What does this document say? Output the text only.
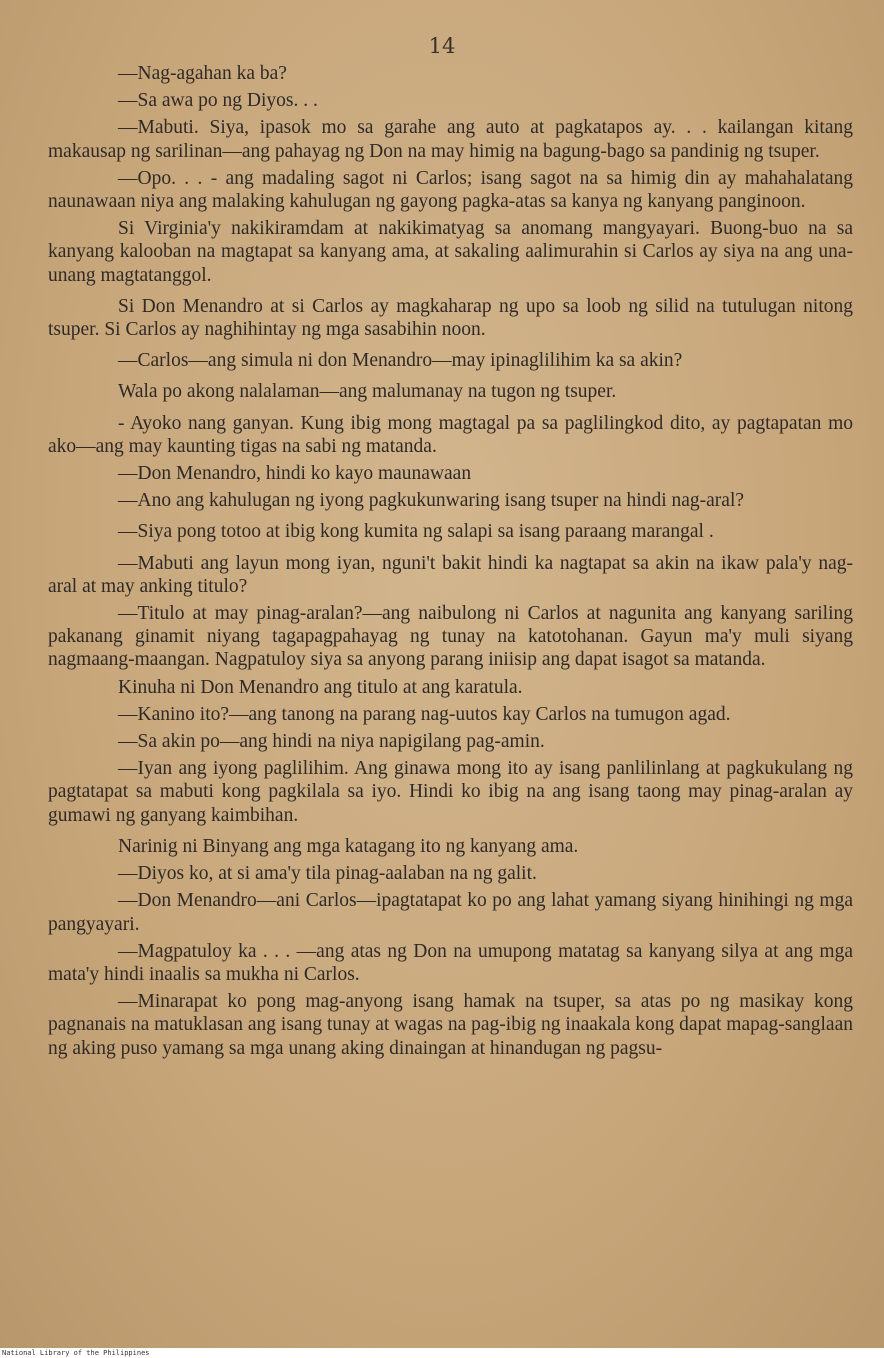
14

—Nag-agahan ka ba?

—Sa awa po ng Diyos. . .

—Mabuti. Siya, ipasok mo sa garahe ang auto at pagkatapos ay. . . kailangan kitang makausap ng sarilinan—ang pahayag ng Don na may himig na bagung-bago sa pandinig ng tsuper.

—Opo. . . - ang madaling sagot ni Carlos; isang sagot na sa himig din ay mahahalatang naunawaan niya ang malaking kahulugan ng gayong pagka-atas sa kanya ng kanyang panginoon.

Si Virginia'y nakikiramdam at nakikimatyag sa anomang mangyayari. Buong-buo na sa kanyang kalooban na magtapat sa kanyang ama, at sakaling aalimurahin si Carlos ay siya na ang una-unang magtatanggol.

Si Don Menandro at si Carlos ay magkaharap ng upo sa loob ng silid na tutulugan nitong tsuper. Si Carlos ay naghihintay ng mga sasabihin noon.

—Carlos—ang simula ni don Menandro—may ipinaglilihim ka sa akin?

Wala po akong nalalaman—ang malumanay na tugon ng tsuper.

- Ayoko nang ganyan. Kung ibig mong magtagal pa sa paglilingkod dito, ay pagtapatan mo ako—ang may kaunting tigas na sabi ng matanda.

—Don Menandro, hindi ko kayo maunawaan

—Ano ang kahulugan ng iyong pagkukunwaring isang tsuper na hindi nag-aral?

—Siya pong totoo at ibig kong kumita ng salapi sa isang paraang marangal .

—Mabuti ang layun mong iyan, nguni't bakit hindi ka nagtapat sa akin na ikaw pala'y nag-aral at may anking titulo?

—Titulo at may pinag-aralan?—ang naibulong ni Carlos at nagunita ang kanyang sariling pakanang ginamit niyang tagapagpahayag ng tunay na katotohanan. Gayun ma'y muli siyang nagmaang-maangan. Nagpatuloy siya sa anyong parang iniisip ang dapat isagot sa matanda.

Kinuha ni Don Menandro ang titulo at ang karatula.

—Kanino ito?—ang tanong na parang nag-uutos kay Carlos na tumugon agad.

—Sa akin po—ang hindi na niya napigilang pag-amin.

—Iyan ang iyong paglilihim. Ang ginawa mong ito ay isang panlilinlang at pagkukulang ng pagtatapat sa mabuti kong pagkilala sa iyo. Hindi ko ibig na ang isang taong may pinag-aralan ay gumawi ng ganyang kaimbihan.

Narinig ni Binyang ang mga katagang ito ng kanyang ama.

—Diyos ko, at si ama'y tila pinag-aalaban na ng galit.

—Don Menandro—ani Carlos—ipagtatapat ko po ang lahat yamang siyang hinihingi ng mga pangyayari.

—Magpatuloy ka . . . —ang atas ng Don na umupong matatag sa kanyang silya at ang mga mata'y hindi inaalis sa mukha ni Carlos.

—Minarapat ko pong mag-anyong isang hamak na tsuper, sa atas po ng masikay kong pagnanais na matuklasan ang isang tunay at wagas na pag-ibig ng inaakala kong dapat mapag-sanglaan ng aking puso yamang sa mga unang aking dinaingan at hinandugan ng pagsu-

National Library of the Philippines
